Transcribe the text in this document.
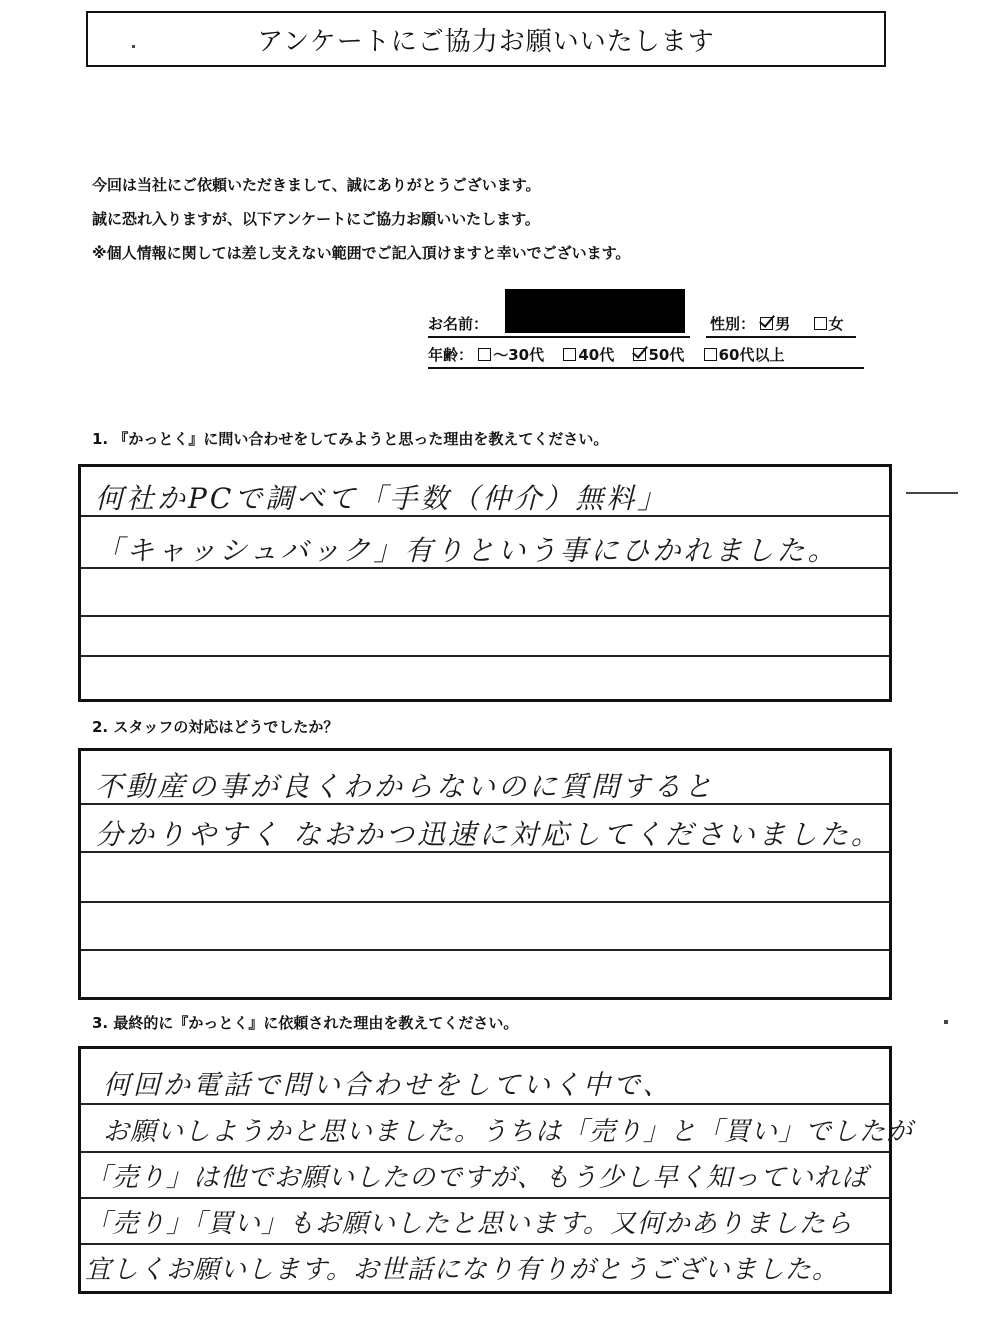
アンケートにご協力お願いいたします
今回は当社にご依頼いただきまして、誠にありがとうございます。
誠に恐れ入りますが、以下アンケートにご協力お願いいたします。
※個人情報に関しては差し支えない範囲でご記入頂けますと幸いでございます。
お名前：	性別： 男	女
年齢： ～30代 40代 50代 60代以上
1. 『かっとく』に問い合わせをしてみようと思った理由を教えてください。
何社かPCで調べて「手数（仲介）無料」
「キャッシュバック」有りという事にひかれました。
2. スタッフの対応はどうでしたか？
不動産の事が良くわからないのに質問すると
分かりやすく なおかつ迅速に対応してくださいました。
3. 最終的に『かっとく』に依頼された理由を教えてください。
何回か電話で問い合わせをしていく中で、
お願いしようかと思いました。うちは「売り」と「買い」でしたが
「売り」は他でお願いしたのですが、もう少し早く知っていれば
「売り」「買い」もお願いしたと思います。又何かありましたら
宜しくお願いします。お世話になり有りがとうございました。
